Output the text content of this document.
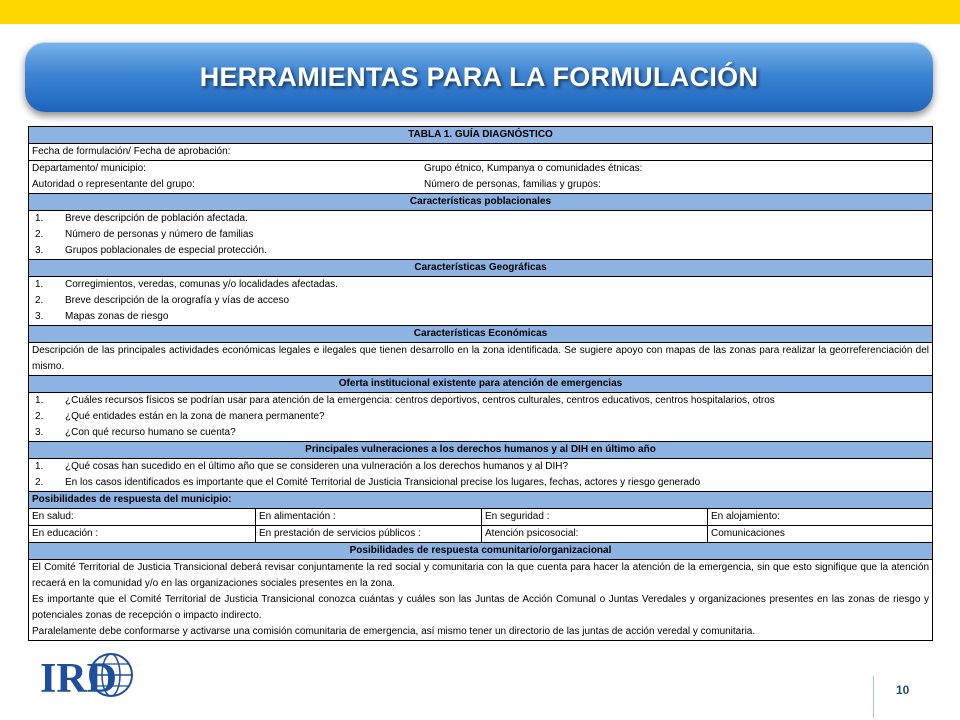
HERRAMIENTAS PARA LA FORMULACIÓN
TABLA 1. GUÍA DIAGNÓSTICO			
Fecha de formulación/ Fecha de aprobación:			

Departamento/ municipio: Grupo étnico, Kumpanya o comunidades étnicas:
Autoridad o representante del grupo: Número de personas, familias y grupos:			

Características poblacionales			

1. Breve descripción de población afectada.
2. Número de personas y número de familias
3. Grupos poblacionales de especial protección.			

Características Geográficas			

1. Corregimientos, veredas, comunas y/o localidades afectadas.
2. Breve descripción de la orografía y vías de acceso
3. Mapas zonas de riesgo			

Características Económicas			
Descripción de las principales actividades económicas legales e ilegales que tienen desarrollo en la zona identificada. Se sugiere apoyo con mapas de las zonas para realizar la georreferenciación del mismo.			
Oferta institucional existente para atención de emergencias			

1. ¿Cuáles recursos físicos se podrían usar para atención de la emergencia: centros deportivos, centros culturales, centros educativos, centros hospitalarios, otros
2. ¿Qué entidades están en la zona de manera permanente?
3. ¿Con qué recurso humano se cuenta?			

Principales vulneraciones a los derechos humanos y al DIH en último año			

1. ¿Qué cosas han sucedido en el último año que se consideren una vulneración a los derechos humanos y al DIH?
2. En los casos identificados es importante que el Comité Territorial de Justicia Transicional precise los lugares, fechas, actores y riesgo generado			

Posibilidades de respuesta del municipio:			
En salud:	En alimentación :	En seguridad :	En alojamiento:
En educación :	En prestación de servicios públicos :	Atención psicosocial:	Comunicaciones
Posibilidades de respuesta comunitario/organizacional			

El Comité Territorial de Justicia Transicional deberá revisar conjuntamente la red social y comunitaria con la que cuenta para hacer la atención de la emergencia, sin que esto signifique que la atención recaerá en la comunidad y/o en las organizaciones sociales presentes en la zona.
Es importante que el Comité Territorial de Justicia Transicional conozca cuántas y cuáles son las Juntas de Acción Comunal o Juntas Veredales y organizaciones presentes en las zonas de riesgo y potenciales zonas de recepción o impacto indirecto.
Paralelamente debe conformarse y activarse una comisión comunitaria de emergencia, así mismo tener un directorio de las juntas de acción veredal y comunitaria.			
IRD	10
